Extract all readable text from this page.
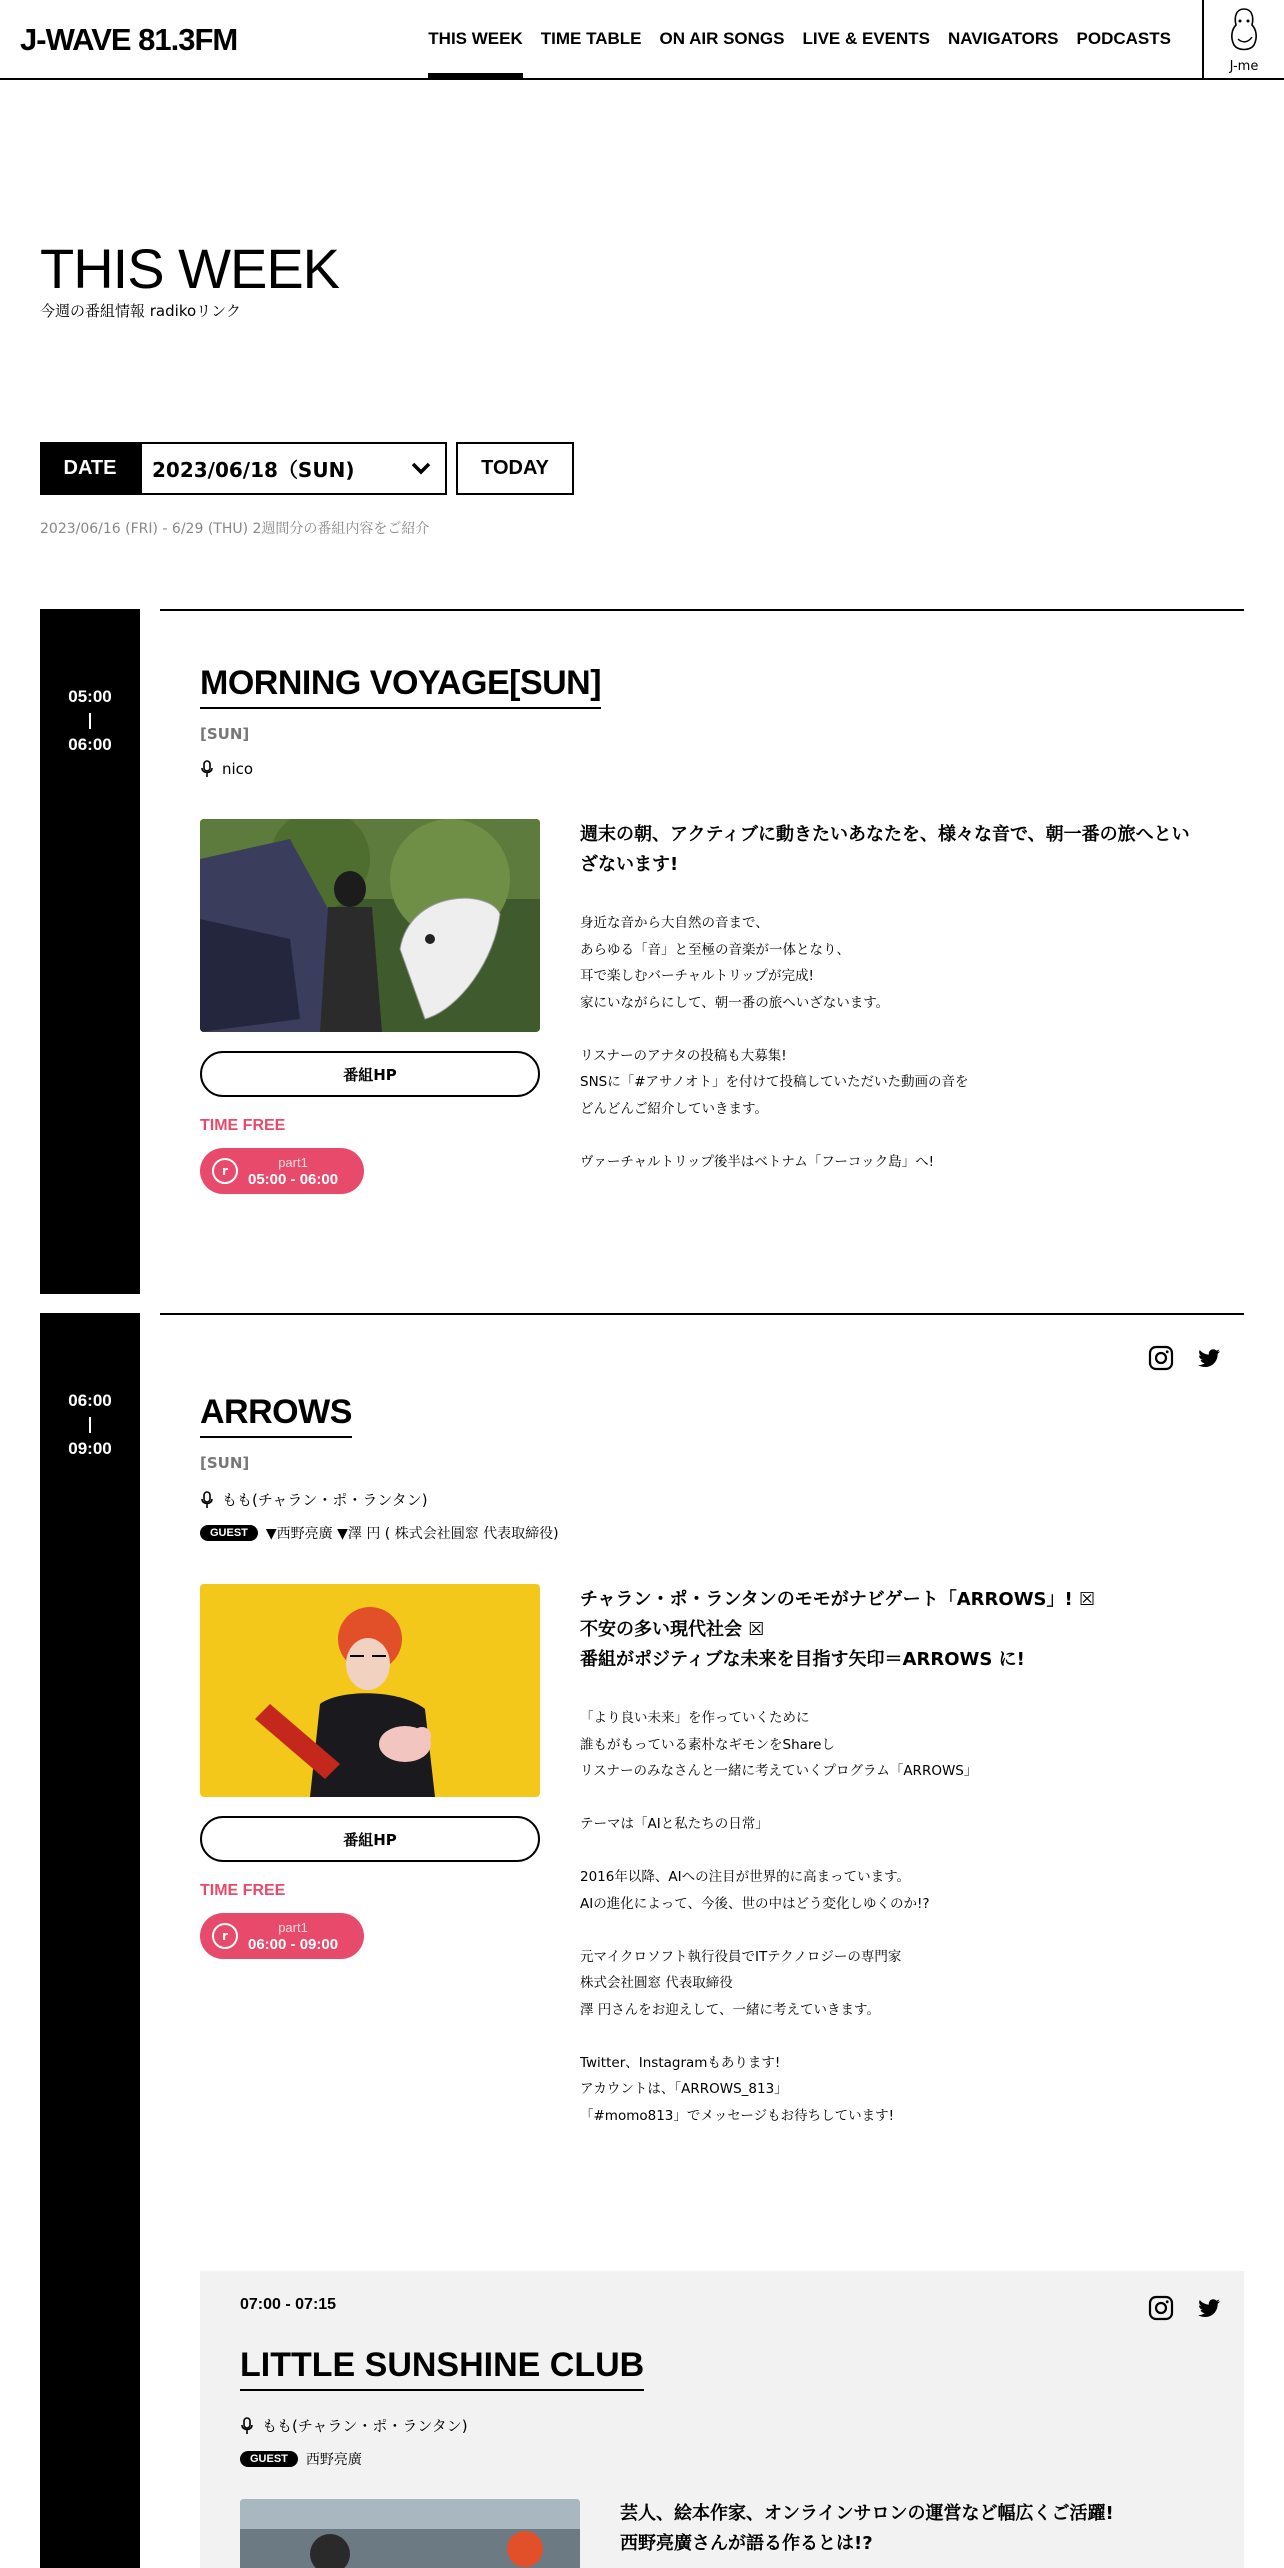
J-WAVE 81.3FM	THIS WEEK	TIME TABLE	ON AIR SONGS	LIVE & EVENTS	NAVIGATORS	PODCASTS
J-me
THIS WEEK
今週の番組情報 radikoリンク
DATE	2023/06/18（SUN)	TODAY
2023/06/16 (FRI) - 6/29 (THU) 2週間分の番組内容をご紹介
05:00
06:00
MORNING VOYAGE[SUN]
[SUN]
nico
番組HP
TIME FREE
r
part1
05:00 - 06:00
週末の朝、アクティブに動きたいあなたを、様々な音で、朝一番の旅へといざないます!

身近な音から大自然の音まで、

あらゆる「音」と至極の音楽が一体となり、

耳で楽しむバーチャルトリップが完成!

家にいながらにして、朝一番の旅へいざないます。

リスナーのアナタの投稿も大募集!

SNSに「#アサノオト」を付けて投稿していただいた動画の音を

どんどんご紹介していきます。

ヴァーチャルトリップ後半はベトナム「フーコック島」へ!

06:00
09:00
ARROWS
[SUN]
もも(チャラン・ポ・ランタン)
GUEST	▼西野亮廣 ▼澤 円 ( 株式会社圓窓 代表取締役)
番組HP
TIME FREE
r
part1
06:00 - 09:00
チャラン・ポ・ランタンのモモがナビゲート「ARROWS」! ☒
不安の多い現代社会 ☒
番組がポジティブな未来を目指す矢印＝ARROWS に!

「より良い未来」を作っていくために

誰もがもっている素朴なギモンをShareし

リスナーのみなさんと一緒に考えていくプログラム「ARROWS」

テーマは「AIと私たちの日常」

2016年以降、AIへの注目が世界的に高まっています。

AIの進化によって、今後、世の中はどう変化しゆくのか!?

元マイクロソフト執行役員でITテクノロジーの専門家

株式会社圓窓 代表取締役

澤 円さんをお迎えして、一緒に考えていきます。

Twitter、Instagramもあります!

アカウントは、「ARROWS_813」

「#momo813」でメッセージもお待ちしています!

07:00 - 07:15
LITTLE SUNSHINE CLUB
もも(チャラン・ポ・ランタン)
GUEST	西野亮廣
芸人、絵本作家、オンラインサロンの運営など幅広くご活躍!
西野亮廣さんが語る作るとは!?
